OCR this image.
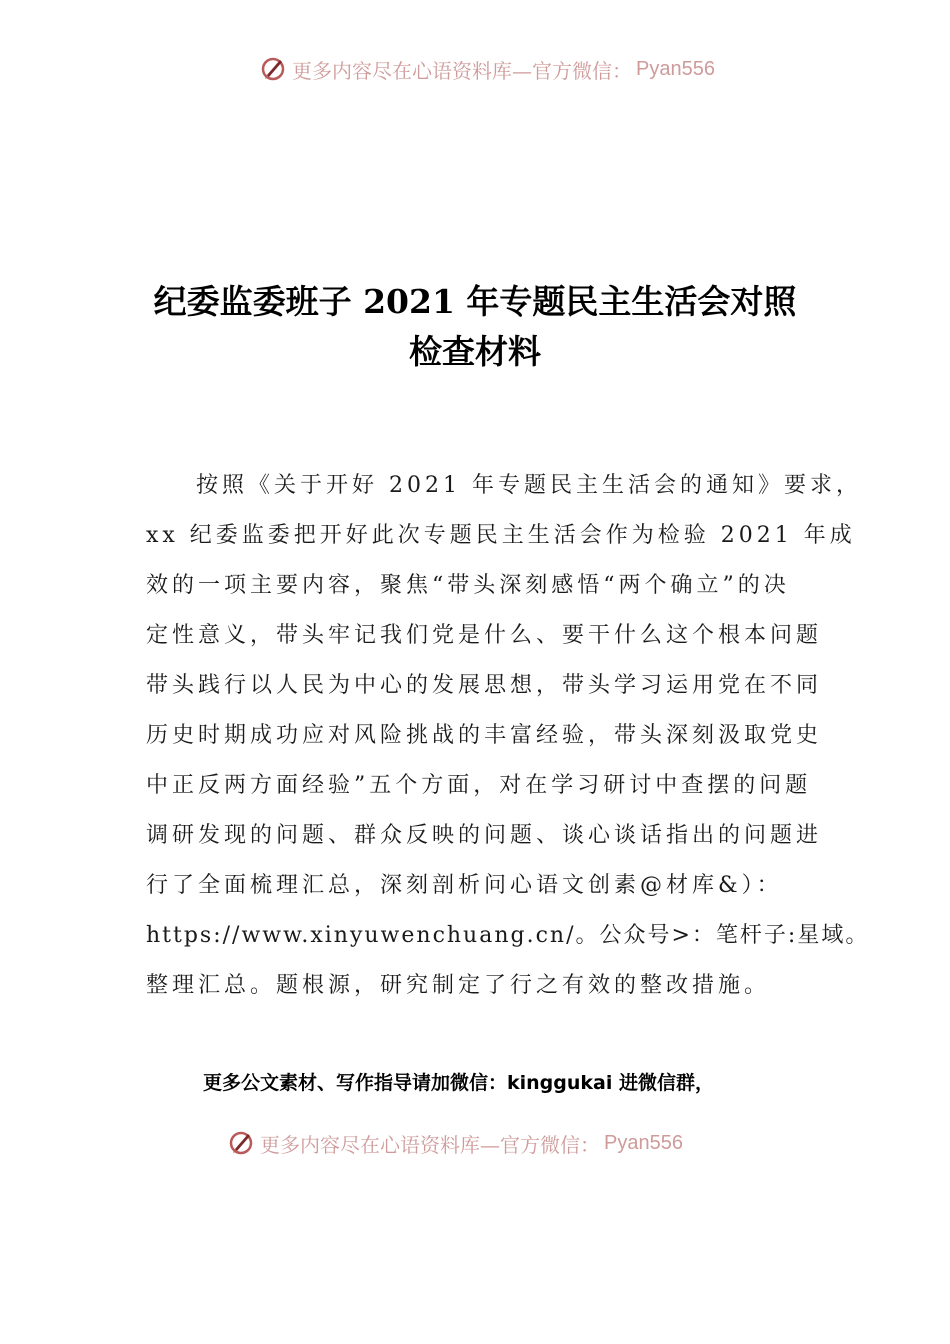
更多内容尽在心语资料库—官方微信： Pyan556
纪委监委班子 2021 年专题民主生活会对照
检查材料
按照《关于开好 2021 年专题民主生活会的通知》要求，
xx 纪委监委把开好此次专题民主生活会作为检验 2021 年成
效的一项主要内容，聚焦“带头深刻感悟“两个确立”的决
定性意义，带头牢记我们党是什么、要干什么这个根本问题
带头践行以人民为中心的发展思想，带头学习运用党在不同
历史时期成功应对风险挑战的丰富经验，带头深刻汲取党史
中正反两方面经验”五个方面，对在学习研讨中查摆的问题
调研发现的问题、群众反映的问题、谈心谈话指出的问题进
行了全面梳理汇总，深刻剖析问心语文创素@材库&）：
https://www.xinyuwenchuang.cn/。公众号>：笔杆子:星域。
整理汇总。题根源，研究制定了行之有效的整改措施。
更多公文素材、写作指导请加微信：kinggukai 进微信群，
更多内容尽在心语资料库—官方微信： Pyan556
